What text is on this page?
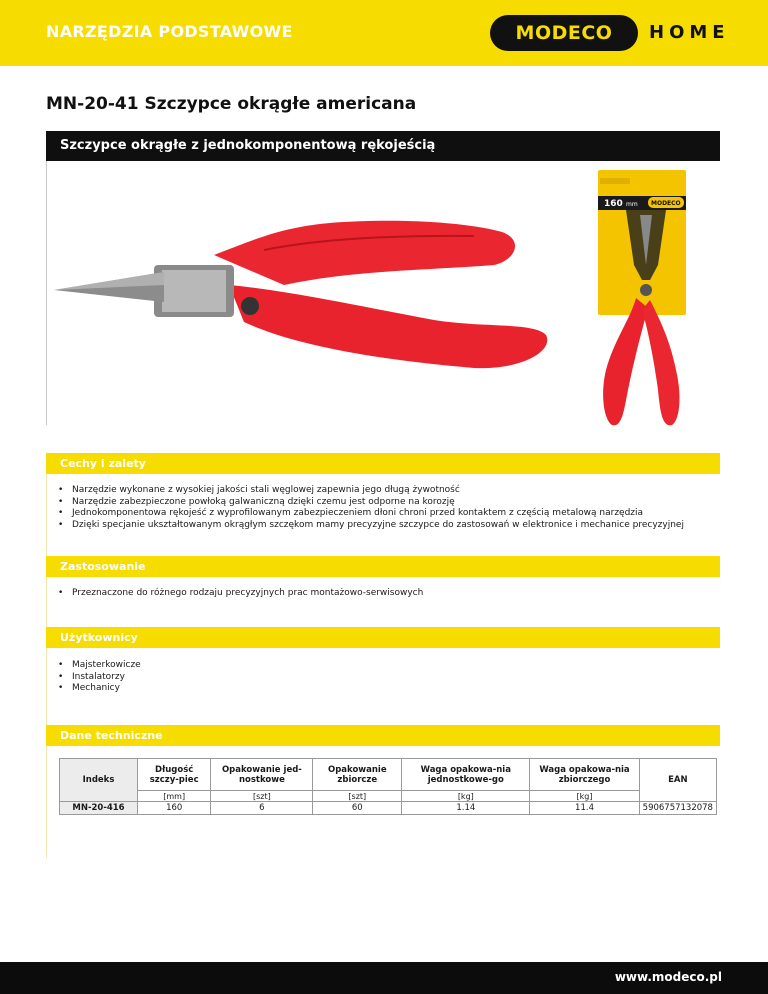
NARZĘDZIA PODSTAWOWE	MODECO	HOME
MN-20-41 Szczypce okrągłe americana
Szczypce okrągłe z jednokomponentową rękojeścią
160 mm MODECO
Cechy i zalety
• Narzędzie wykonane z wysokiej jakości stali węglowej zapewnia jego długą żywotność
• Narzędzie zabezpieczone powłoką galwaniczną dzięki czemu jest odporne na korozję
• Jednokomponentowa rękojeść z wyprofilowanym zabezpieczeniem dłoni chroni przed kontaktem z częścią metalową narzędzia
• Dzięki specjanie ukształtowanym okrągłym szczękom mamy precyzyjne szczypce do zastosowań w elektronice i mechanice precyzyjnej
Zastosowanie
• Przeznaczone do różnego rodzaju precyzyjnych prac montażowo-serwisowych
Użytkownicy
• Majsterkowicze
• Instalatorzy
• Mechanicy
Dane techniczne
Indeks	Długość szczy-piec	Opakowanie jed-nostkowe	Opakowanie zbiorcze	Waga opakowa-nia jednostkowe-go	Waga opakowa-nia zbiorczego	EAN
	[mm]	[szt]	[szt]	[kg]	[kg]	
MN-20-416	160	6	60	1.14	11.4	5906757132078
www.modeco.pl
